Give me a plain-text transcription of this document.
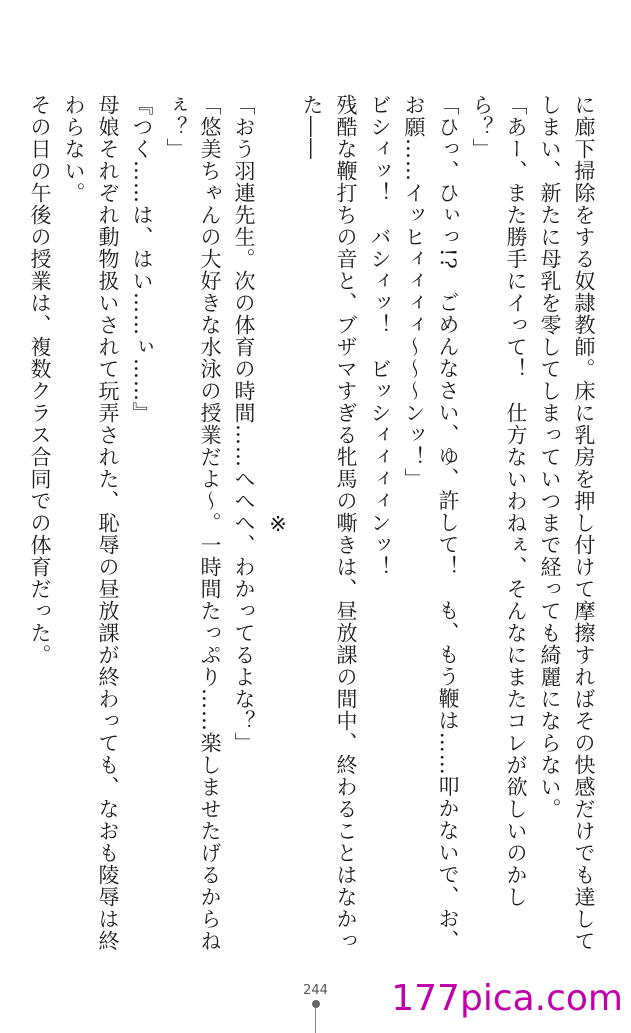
に廊下掃除をする奴隷教師。床に乳房を押し付けて摩擦すればその快感だけでも達してしまい、新たに母乳を零してしまっていつまで経っても綺麗にならない。

「あー、また勝手にイって！　仕方ないわねぇ、そんなにまたコレが欲しいのかしら？」

「ひっ、ひぃっ!?　ごめんなさい、ゆ、許して！　も、もう鞭は……叩かないで、お、お願……イッヒィィィィ～～～ンッ！」

ビシィッ！　バシィッ！　ビッシィィィィンッ！

残酷な鞭打ちの音と、ブザマすぎる牝馬の嘶きは、昼放課の間中、終わることはなかった――

※

「おう羽連先生。次の体育の時間……へへへ、わかってるよな？」

「悠美ちゃんの大好きな水泳の授業だよ～。一時間たっぷり……楽しませたげるからねぇ？」

『つく……は、はい……ぃ……』

母娘それぞれ動物扱いされて玩弄された、恥辱の昼放課が終わっても、なおも陵辱は終わらない。

その日の午後の授業は、複数クラス合同での体育だった。

244	177pica.com
